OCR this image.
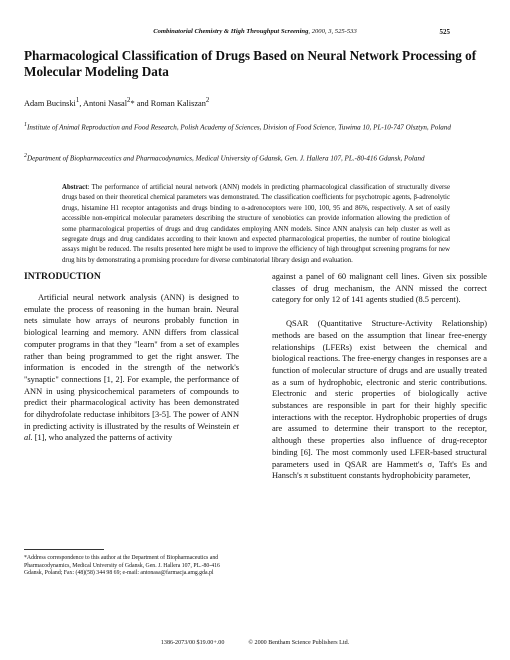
Combinatorial Chemistry & High Throughput Screening, 2000, 3, 525-533	525
Pharmacological Classification of Drugs Based on Neural Network Processing of Molecular Modeling Data
Adam Bucinski$^1$, Antoni Nasal$^2$* and Roman Kaliszan$^2$
$^1$Institute of Animal Reproduction and Food Research, Polish Academy of Sciences, Division of Food Science, Tuwima 10, PL-10-747 Olsztyn, Poland
$^2$Department of Biopharmaceutics and Pharmacodynamics, Medical University of Gdansk, Gen. J. Hallera 107, PL.-80-416 Gdansk, Poland
Abstract: The performance of artificial neural network (ANN) models in predicting pharmacological classification of structurally diverse drugs based on their theoretical chemical parameters was demonstrated. The classification coefficients for psychotropic agents, β-adrenolytic drugs, histamine H1 receptor antagonists and drugs binding to α-adrenoceptors were 100, 100, 95 and 86%, respectively. A set of easily accessible non-empirical molecular parameters describing the structure of xenobiotics can provide information allowing the prediction of some pharmacological properties of drugs and drug candidates employing ANN models. Since ANN analysis can help cluster as well as segregate drugs and drug candidates according to their known and expected pharmacological properties, the number of routine biological assays might be reduced. The results presented here might be used to improve the efficiency of high throughput screening programs for new drug hits by demonstrating a promising procedure for diverse combinatorial library design and evaluation.
INTRODUCTION

Artificial neural network analysis (ANN) is designed to emulate the process of reasoning in the human brain. Neural nets simulate how arrays of neurons probably function in biological learning and memory. ANN differs from classical computer programs in that they "learn" from a set of examples rather than being programmed to get the right answer. The information is encoded in the strength of the network's "synaptic" connections [1, 2]. For example, the performance of ANN in using physicochemical parameters of compounds to predict their pharmacological activity has been demonstrated for dihydrofolate reductase inhibitors [3-5]. The power of ANN in predicting activity is illustrated by the results of Weinstein et al. [1], who analyzed the patterns of activity

against a panel of 60 malignant cell lines. Given six possible classes of drug mechanism, the ANN missed the correct category for only 12 of 141 agents studied (8.5 percent).

QSAR (Quantitative Structure-Activity Relationship) methods are based on the assumption that linear free-energy relationships (LFERs) exist between the chemical and biological reactions. The free-energy changes in responses are a function of molecular structure of drugs and are usually treated as a sum of hydrophobic, electronic and steric contributions. Electronic and steric properties of biologically active substances are responsible in part for their highly specific interactions with the receptor. Hydrophobic properties of drugs are assumed to determine their transport to the receptor, although these properties also influence of drug-receptor binding [6]. The most commonly used LFER-based structural parameters used in QSAR are Hammett's σ, Taft's Es and Hansch's π substituent constants hydrophobicity parameter,

*Address correspondence to this author at the Department of Biopharmaceutics and Pharmacodynamics, Medical University of Gdansk, Gen. J. Hallera 107, PL.-80-416 Gdansk, Poland; Fax: (48)(58) 344 98 69; e-mail: antonasa@farmacja.amg.gda.pl
1386-2073/00 $19.00+.00	© 2000 Bentham Science Publishers Ltd.
